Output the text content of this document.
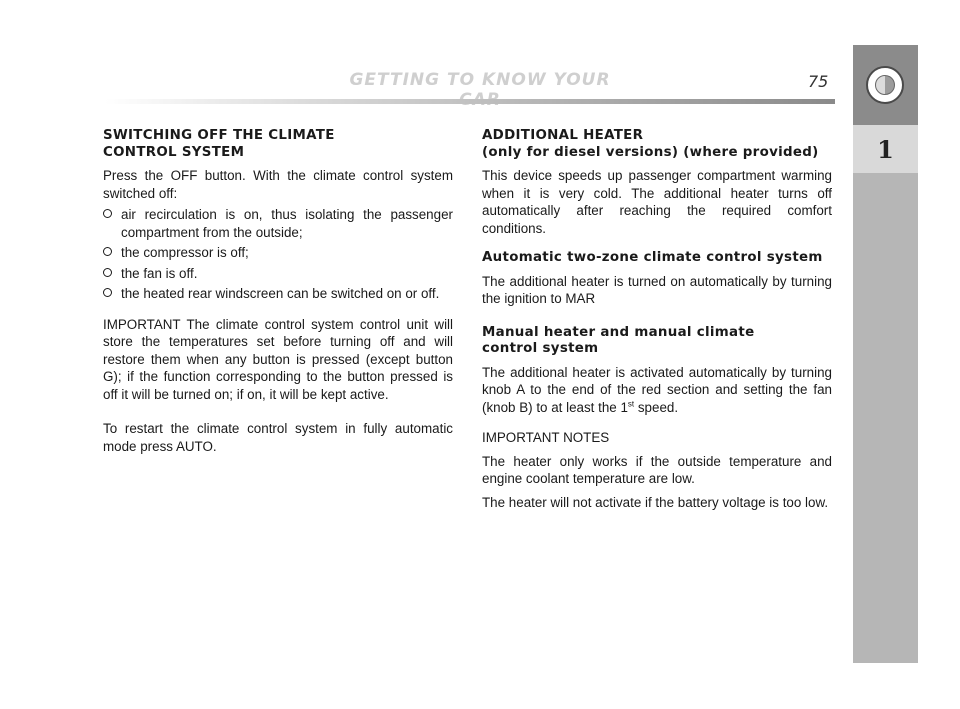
GETTING TO KNOW YOUR	75
1
SWITCHING OFF THE CLIMATE
CONTROL SYSTEM

Press the OFF button. With the climate control system switched off:

air recirculation is on, thus isolating the passenger compartment from the outside;
the compressor is off;
the fan is off.
the heated rear windscreen can be switched on or off.

IMPORTANT The climate control system control unit will store the temperatures set before turning off and will restore them when any button is pressed (except button G); if the function corresponding to the button pressed is off it will be turned on; if on, it will be kept active.

To restart the climate control system in fully automatic mode press AUTO.

ADDITIONAL HEATER
(only for diesel versions) (where provided)

This device speeds up passenger compartment warming when it is very cold. The additional heater turns off automatically after reaching the required comfort conditions.

Automatic two-zone climate control system

The additional heater is turned on automatically by turning the ignition to MAR

Manual heater and manual climate
control system

The additional heater is activated automatically by turning knob A to the end of the red section and setting the fan (knob B) to at least the 1st speed.

IMPORTANT NOTES

The heater only works if the outside temperature and engine coolant temperature are low.

The heater will not activate if the battery voltage is too low.
